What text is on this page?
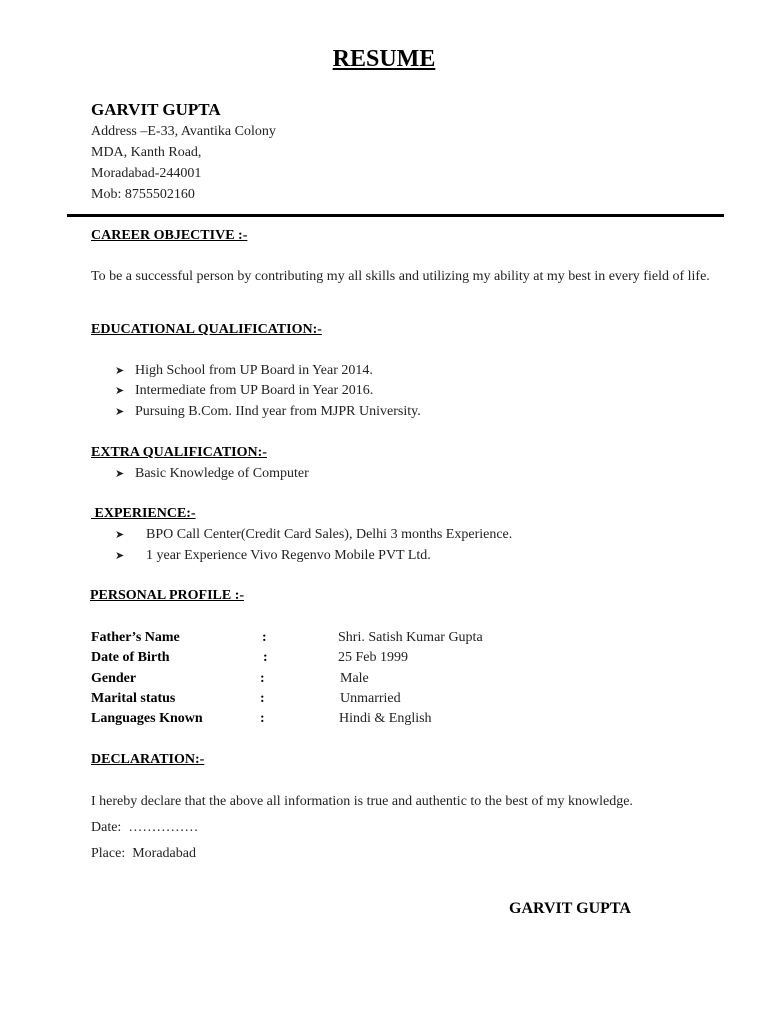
RESUME
GARVIT GUPTA
Address –E-33, Avantika Colony
MDA, Kanth Road,
Moradabad-244001
Mob: 8755502160
CAREER OBJECTIVE :-
To be a successful person by contributing my all skills and utilizing my ability at my best in every field of life.
EDUCATIONAL QUALIFICATION:-
➤ High School from UP Board in Year 2014.
➤ Intermediate from UP Board in Year 2016.
➤ Pursuing B.Com. IInd year from MJPR University.
EXTRA QUALIFICATION:-
➤ Basic Knowledge of Computer
EXPERIENCE:-
➤ BPO Call Center(Credit Card Sales), Delhi 3 months Experience.
➤ 1 year Experience Vivo Regenvo Mobile PVT Ltd.
PERSONAL PROFILE :-
Father’s Name	:	Shri. Satish Kumar Gupta
Date of Birth	:	25 Feb 1999
Gender	:	Male
Marital status	:	Unmarried
Languages Known	:	Hindi & English
DECLARATION:-
I hereby declare that the above all information is true and authentic to the best of my knowledge.
Date:  ……………
Place:  Moradabad
GARVIT GUPTA
